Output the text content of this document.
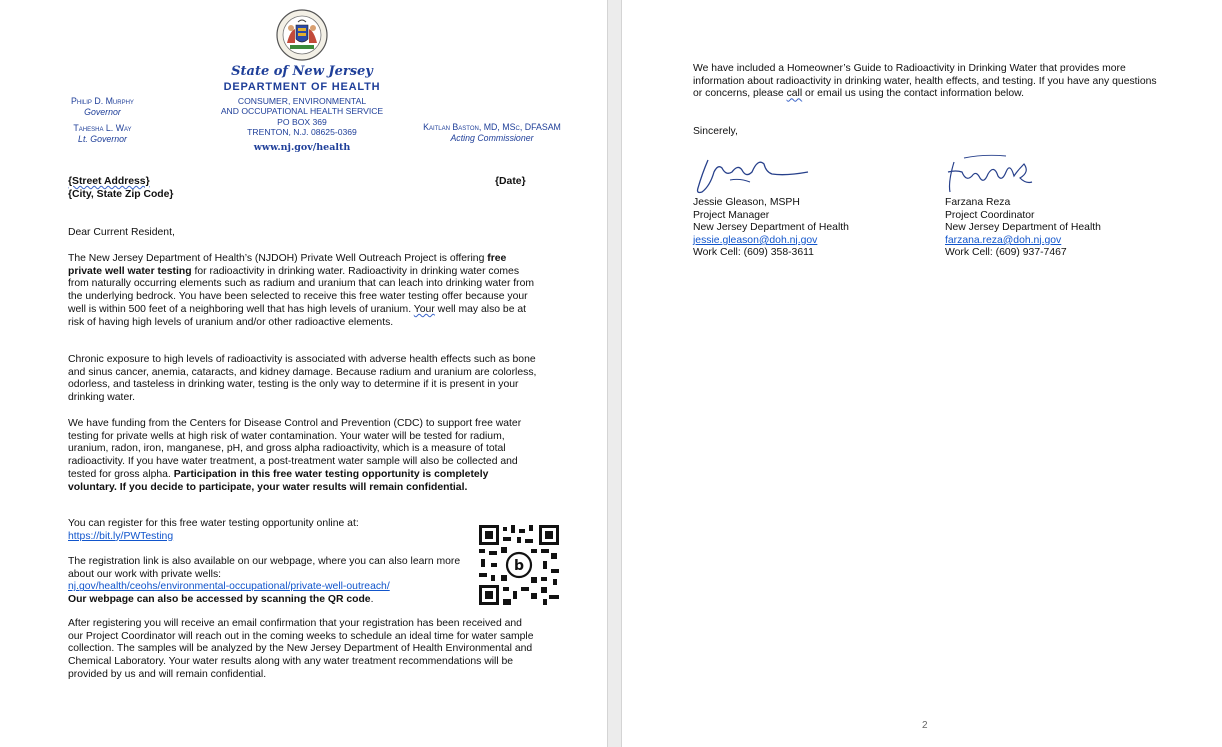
State of New Jersey
DEPARTMENT OF HEALTH
CONSUMER, ENVIRONMENTAL
AND OCCUPATIONAL HEALTH SERVICE
PO BOX 369
TRENTON, N.J. 08625-0369
www.nj.gov/health
Philip D. Murphy
Governor
Tahesha L. Way
Lt. Governor
Kaitlan Baston, MD, MSc, DFASAM
Acting Commissioner
{Street Address}
{City, State Zip Code}
{Date}
Dear Current Resident,
The New Jersey Department of Health’s (NJDOH) Private Well Outreach Project is offering free private well water testing for radioactivity in drinking water. Radioactivity in drinking water comes from naturally occurring elements such as radium and uranium that can leach into drinking water from the underlying bedrock. You have been selected to receive this free water testing offer because your well is within 500 feet of a neighboring well that has high levels of uranium. Your well may also be at risk of having high levels of uranium and/or other radioactive elements.
Chronic exposure to high levels of radioactivity is associated with adverse health effects such as bone and sinus cancer, anemia, cataracts, and kidney damage. Because radium and uranium are colorless, odorless, and tasteless in drinking water, testing is the only way to determine if it is present in your drinking water.
We have funding from the Centers for Disease Control and Prevention (CDC) to support free water testing for private wells at high risk of water contamination. Your water will be tested for radium, uranium, radon, iron, manganese, pH, and gross alpha radioactivity, which is a measure of total radioactivity. If you have water treatment, a post-treatment water sample will also be collected and tested for gross alpha. Participation in this free water testing opportunity is completely voluntary. If you decide to participate, your water results will remain confidential.
You can register for this free water testing opportunity online at:
https://bit.ly/PWTesting
The registration link is also available on our webpage, where you can also learn more about our work with private wells:
nj.gov/health/ceohs/environmental-occupational/private-well-outreach/
Our webpage can also be accessed by scanning the QR code.
b
After registering you will receive an email confirmation that your registration has been received and our Project Coordinator will reach out in the coming weeks to schedule an ideal time for water sample collection. The samples will be analyzed by the New Jersey Department of Health Environmental and Chemical Laboratory. Your water results along with any water treatment recommendations will be provided by us and will remain confidential.
We have included a Homeowner’s Guide to Radioactivity in Drinking Water that provides more information about radioactivity in drinking water, health effects, and testing. If you have any questions or concerns, please call or email us using the contact information below.
Sincerely,
Jessie Gleason, MSPH
Project Manager
New Jersey Department of Health
jessie.gleason@doh.nj.gov
Work Cell: (609) 358-3611
Farzana Reza
Project Coordinator
New Jersey Department of Health
farzana.reza@doh.nj.gov
Work Cell: (609) 937-7467
2
